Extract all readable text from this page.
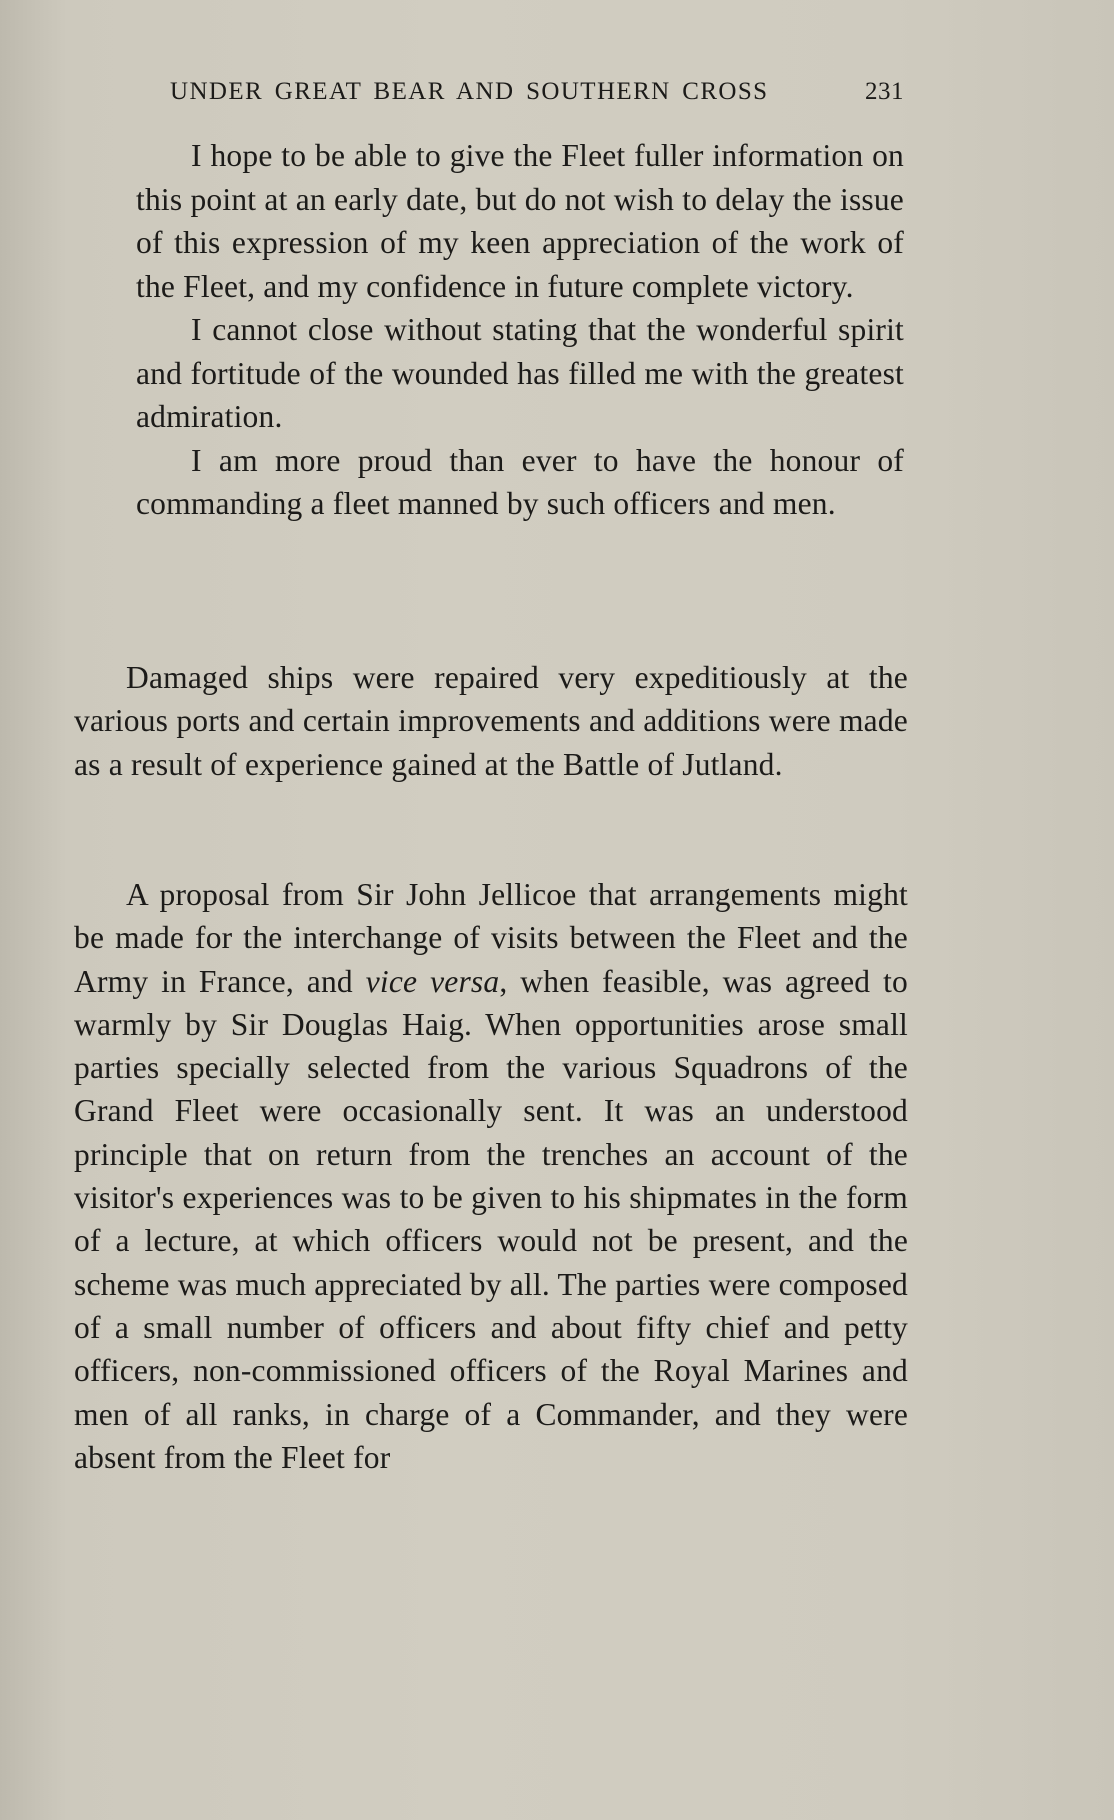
UNDER GREAT BEAR AND SOUTHERN CROSS	231

I hope to be able to give the Fleet fuller information on this point at an early date, but do not wish to delay the issue of this expression of my keen appreciation of the work of the Fleet, and my confidence in future complete victory.

I cannot close without stating that the wonderful spirit and fortitude of the wounded has filled me with the greatest admiration.

I am more proud than ever to have the honour of commanding a fleet manned by such officers and men.

Damaged ships were repaired very expeditiously at the various ports and certain improvements and additions were made as a result of experience gained at the Battle of Jutland.

A proposal from Sir John Jellicoe that arrangements might be made for the interchange of visits between the Fleet and the Army in France, and vice versa, when feasible, was agreed to warmly by Sir Douglas Haig. When opportunities arose small parties specially selected from the various Squadrons of the Grand Fleet were occasionally sent. It was an understood principle that on return from the trenches an account of the visitor's experiences was to be given to his shipmates in the form of a lecture, at which officers would not be present, and the scheme was much appreciated by all. The parties were composed of a small number of officers and about fifty chief and petty officers, non-commissioned officers of the Royal Marines and men of all ranks, in charge of a Commander, and they were absent from the Fleet for
